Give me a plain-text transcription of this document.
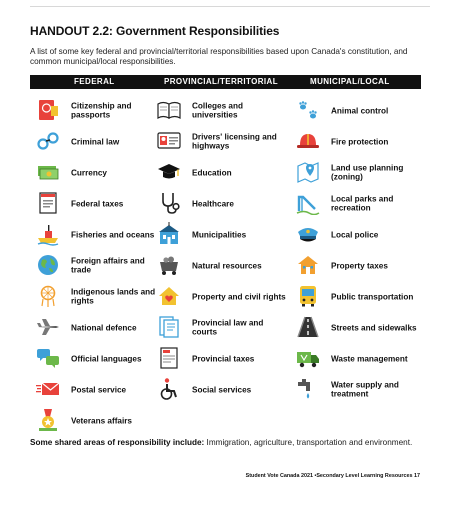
HANDOUT 2.2: Government Responsibilities
A list of some key federal and provincial/territorial responsibilities based upon Canada's constitution, and common municipal/local responsibilities.
FEDERAL	PROVINCIAL/TERRITORIAL	MUNICIPAL/LOCAL
Citizenship and passports
Criminal law
Currency
Federal taxes
Fisheries and oceans
Foreign affairs and trade
Indigenous lands and rights
National defence
Official languages
Postal service
Veterans affairs
Colleges and universities
Drivers' licensing and highways
Education
Healthcare
Municipalities
Natural resources
Property and civil rights
Provincial law and courts
Provincial taxes
Social services
Animal control
Fire protection
Land use planning (zoning)
Local parks and recreation
Local police
Property taxes
Public transportation
Streets and sidewalks
Waste management
Water supply and treatment
Some shared areas of responsibility include: Immigration, agriculture, transportation and environment.
Student Vote Canada 2021 •Secondary Level Learning Resources 17
